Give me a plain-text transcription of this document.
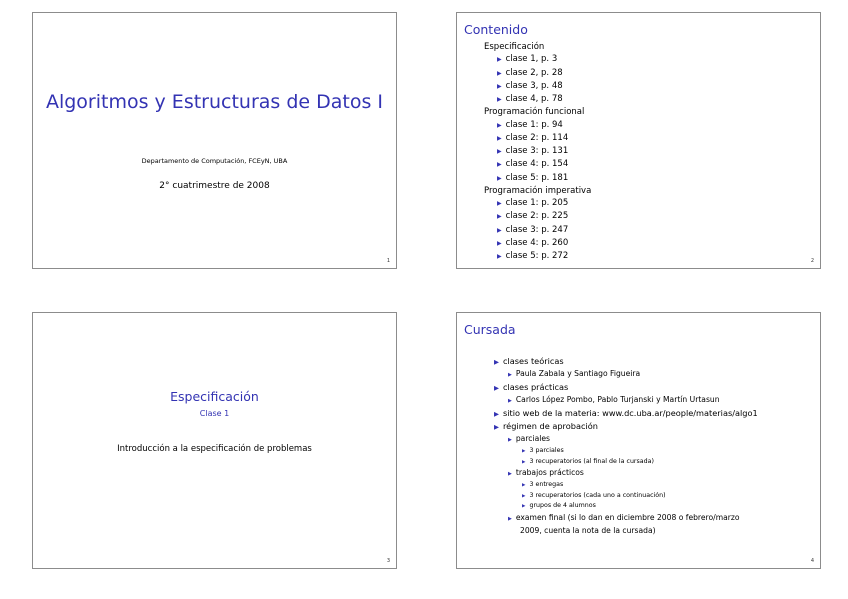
Algoritmos y Estructuras de Datos I
Departamento de Computación, FCEyN, UBA
2° cuatrimestre de 2008
1
Contenido
Especificación
▶ clase 1, p. 3
▶ clase 2, p. 28
▶ clase 3, p. 48
▶ clase 4, p. 78
Programación funcional
▶ clase 1: p. 94
▶ clase 2: p. 114
▶ clase 3: p. 131
▶ clase 4: p. 154
▶ clase 5: p. 181
Programación imperativa
▶ clase 1: p. 205
▶ clase 2: p. 225
▶ clase 3: p. 247
▶ clase 4: p. 260
▶ clase 5: p. 272	2
Especificación
Clase 1
Introducción a la especificación de problemas
3
Cursada
▶ clases teóricas
▶ Paula Zabala y Santiago Figueira
▶ clases prácticas
▶ Carlos López Pombo, Pablo Turjanski y Martín Urtasun
▶ sitio web de la materia: www.dc.uba.ar/people/materias/algo1
▶ régimen de aprobación
▶ parciales
▶ 3 parciales
▶ 3 recuperatorios (al final de la cursada)
▶ trabajos prácticos
▶ 3 entregas
▶ 3 recuperatorios (cada uno a continuación)
▶ grupos de 4 alumnos
▶ examen final (si lo dan en diciembre 2008 o febrero/marzo
2009, cuenta la nota de la cursada)
4
